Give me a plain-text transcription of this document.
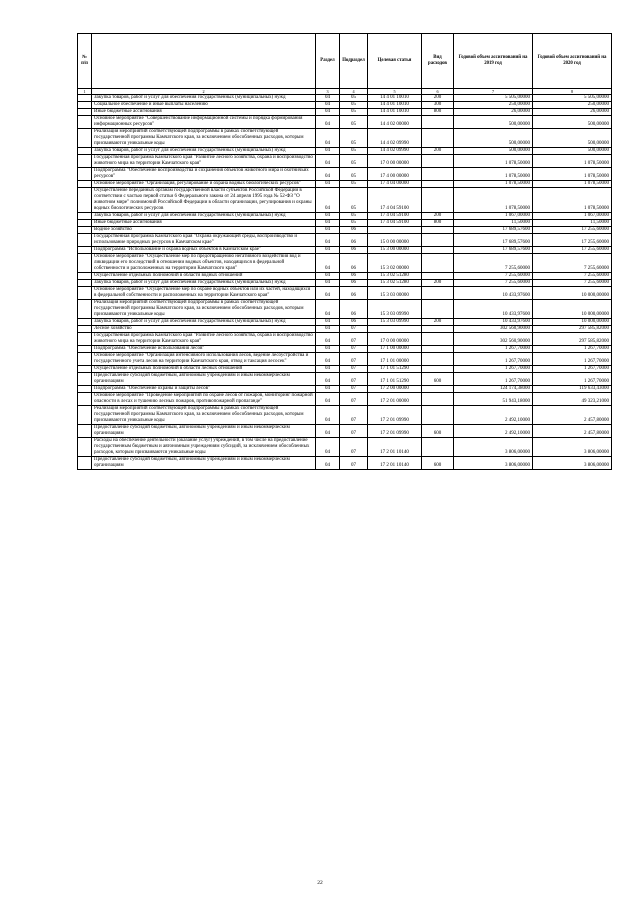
№ п/п		Раздел	Подраздел	Целевая статья	Вид расходов	Годовой объем ассигнований на 2019 год	Годовой объем ассигнований на 2020 год
1	2	3	4	5	6	7	8
	Закупка товаров, работ и услуг для обеспечения государственных (муниципальных) нужд	04	05	14 4 01 10010	200	5 505,00000	5 505,00000
	Социальное обеспечение и иные выплаты населению	04	05	14 4 01 10010	300	250,00000	250,00000
	Иные бюджетные ассигнования	04	05	14 4 01 10010	800	26,00000	26,00000
	Основное мероприятие "Совершенствование информационной системы и порядка формирования информационных ресурсов"	04	05	14 4 02 00000		500,00000	500,00000
	Реализация мероприятий соответствующей подпрограммы в рамках соответствующей государственной программы Камчатского края, за исключением обособленных расходов, которым присваиваются уникальные коды	04	05	14 4 02 09990		500,00000	500,00000
	Закупка товаров, работ и услуг для обеспечения государственных (муниципальных) нужд	04	05	14 4 02 09990	200	500,00000	500,00000
	Государственная программа Камчатского края "Развитие лесного хозяйства, охрана и воспроизводство животного мира на территории Камчатского края"	04	05	17 0 00 00000		1 078,50000	1 078,50000
	Подпрограмма "Обеспечение воспроизводства и сохранения объектов животного мира и охотничьих ресурсов"	04	05	17 4 00 00000		1 078,50000	1 078,50000
	Основное мероприятие "Организация, регулирование и охрана водных биологических ресурсов"	04	05	17 4 04 00000		1 078,50000	1 078,50000
	Осуществление переданных органам государственной власти субъектов Российской Федерации в соответствии с частью первой статьи 6 Федерального закона от 24 апреля 1995 года № 52-ФЗ "О животном мире" полномочий Российской Федерации в области организации, регулирования и охраны водных биологических ресурсов	04	05	17 4 04 59100		1 078,50000	1 078,50000
	Закупка товаров, работ и услуг для обеспечения государственных (муниципальных) нужд	04	05	17 4 04 59100	200	1 067,00000	1 067,00000
	Иные бюджетные ассигнования	04	05	17 4 04 59100	800	11,50000	11,50000
	Водное хозяйство	04	06			17 689,57600	17 255,60000
	Государственная программа Камчатского края "Охрана окружающей среды, воспроизводство и использование природных ресурсов в Камчатском крае"	04	06	15 0 00 00000		17 689,57600	17 255,60000
	Подпрограмма "Использование и охрана водных объектов в Камчатском крае"	04	06	15 3 00 00000		17 689,57600	17 255,60000
	Основное мероприятие "Осуществление мер по предотвращению негативного воздействия вод и ликвидации его последствий в отношении водных объектов, находящихся в федеральной собственности и расположенных на территории Камчатского края"	04	06	15 3 02 00000		7 255,60000	7 255,60000
	Осуществление отдельных полномочий в области водных отношений	04	06	15 3 02 51280		7 255,60000	7 255,60000
	Закупка товаров, работ и услуг для обеспечения государственных (муниципальных) нужд	04	06	15 3 02 51280	200	7 255,60000	7 255,60000
	Основное мероприятие "Осуществление мер по охране водных объектов или их частей, находящихся в федеральной собственности и расположенных на территории Камчатского края"	04	06	15 3 03 00000		10 433,97600	10 000,00000
	Реализация мероприятий соответствующей подпрограммы в рамках соответствующей государственной программы Камчатского края, за исключением обособленных расходов, которым присваиваются уникальные коды	04	06	15 3 03 09990		10 433,97600	10 000,00000
	Закупка товаров, работ и услуг для обеспечения государственных (муниципальных) нужд	04	06	15 3 03 09990	200	10 433,97600	10 000,00000
	Лесное хозяйство	04	07			302 560,90000	297 585,82000
	Государственная программа Камчатского края "Развитие лесного хозяйства, охрана и воспроизводство животного мира на территории Камчатского края"	04	07	17 0 00 00000		302 560,90000	297 585,82000
	Подпрограмма "Обеспечение использования лесов"	04	07	17 1 00 00000		1 267,70000	1 267,70000
	Основное мероприятие "Организация интенсивного использования лесов, ведение лесоустройства и государственного учета лесов на территории Камчатского края, отвод и таксация лесосек"	04	07	17 1 01 00000		1 267,70000	1 267,70000
	Осуществление отдельных полномочий в области лесных отношений	04	07	17 1 01 51290		1 267,70000	1 267,70000
	Предоставление субсидий бюджетным, автономным учреждениям и иным некоммерческим организациям	04	07	17 1 01 51290	600	1 267,70000	1 267,70000
	Подпрограмма "Обеспечение охраны и защиты лесов"	04	07	17 2 00 00000		124 174,38000	119 633,43000
	Основное мероприятие "Проведение мероприятий по охране лесов от пожаров, мониторинг пожарной опасности в лесах и тушению лесных пожаров, противопожарной пропаганде"	04	07	17 2 01 00000		51 943,18000	49 323,21000
	Реализация мероприятий соответствующей подпрограммы в рамках соответствующей государственной программы Камчатского края, за исключением обособленных расходов, которым присваиваются уникальные коды	04	07	17 2 01 09990		2 492,10000	2 457,80000
	Предоставление субсидий бюджетным, автономным учреждениям и иным некоммерческим организациям	04	07	17 2 01 09990	600	2 492,10000	2 457,80000
	Расходы на обеспечение деятельности (оказание услуг) учреждений, в том числе на предоставление государственным бюджетным и автономным учреждениям субсидий, за исключением обособленных расходов, которым присваиваются уникальные коды	04	07	17 2 01 10140		3 806,00000	3 806,00000
	Предоставление субсидий бюджетным, автономным учреждениям и иным некоммерческим организациям	04	07	17 2 01 10140	600	3 806,00000	3 806,00000
22
